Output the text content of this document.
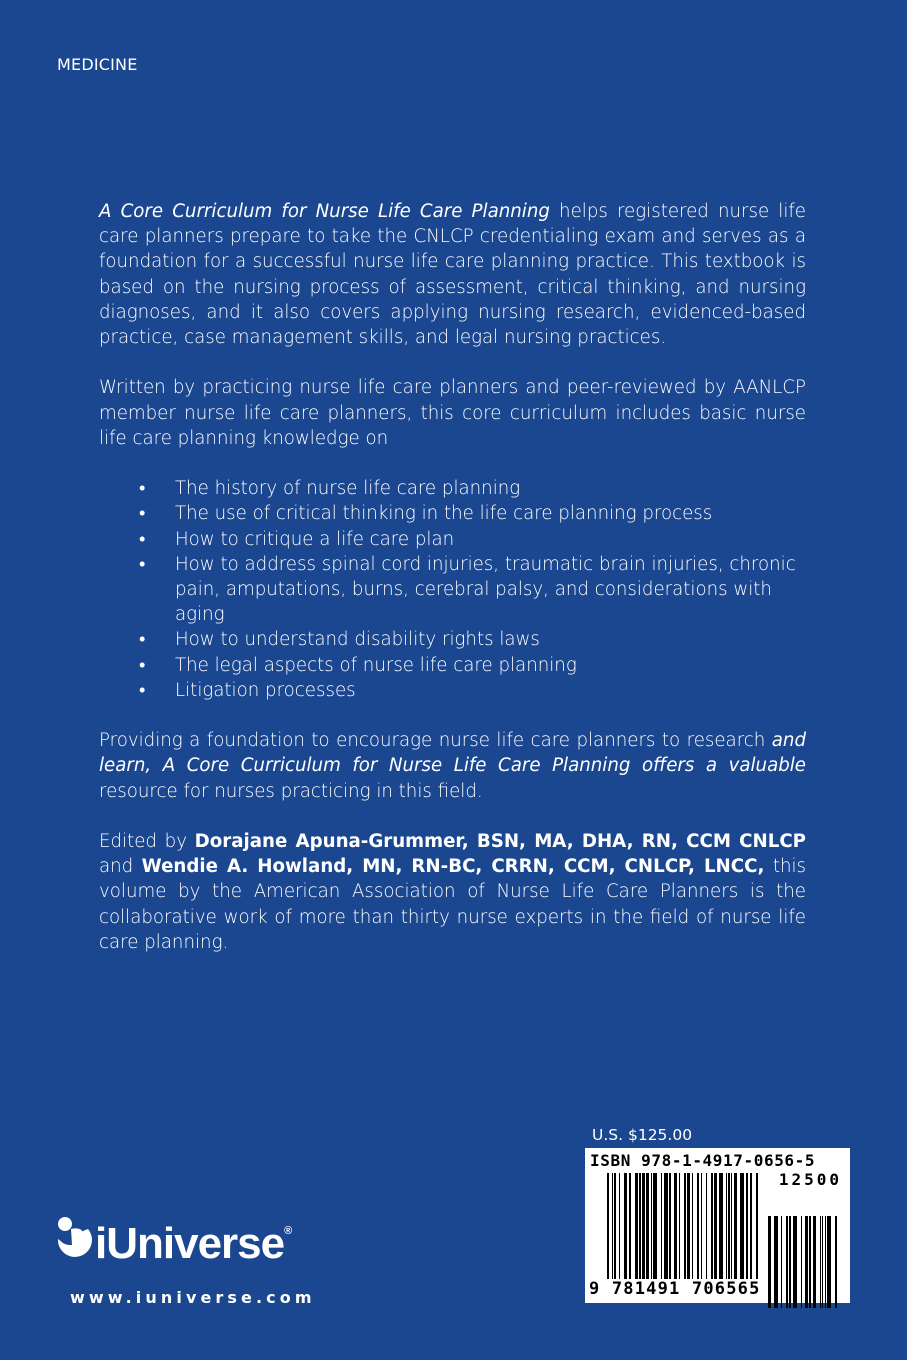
MEDICINE

A Core Curriculum for Nurse Life Care Planning helps registered nurse life care planners prepare to take the CNLCP credentialing exam and serves as a foundation for a successful nurse life care planning practice. This textbook is based on the nursing process of assessment, critical thinking, and nursing diagnoses, and it also covers applying nursing research, evidenced-based practice, case management skills, and legal nursing practices.

Written by practicing nurse life care planners and peer-reviewed by AANLCP member nurse life care planners, this core curriculum includes basic nurse life care planning knowledge on

• The history of nurse life care planning
• The use of critical thinking in the life care planning process
• How to critique a life care plan
• How to address spinal cord injuries, traumatic brain injuries, chronic pain, amputations, burns, cerebral palsy, and considerations with aging
• How to understand disability rights laws
• The legal aspects of nurse life care planning
• Litigation processes

Providing a foundation to encourage nurse life care planners to research and learn, A Core Curriculum for Nurse Life Care Planning offers a valuable resource for nurses practicing in this field.

Edited by Dorajane Apuna-Grummer, BSN, MA, DHA, RN, CCM CNLCP and Wendie A. Howland, MN, RN-BC, CRRN, CCM, CNLCP, LNCC, this volume by the American Association of Nurse Life Care Planners is the collaborative work of more than thirty nurse experts in the field of nurse life care planning.

U.S. $125.00
ISBN 978-1-4917-0656-5
12500
9 781491 706565
iUniverse®
www.iuniverse.com
